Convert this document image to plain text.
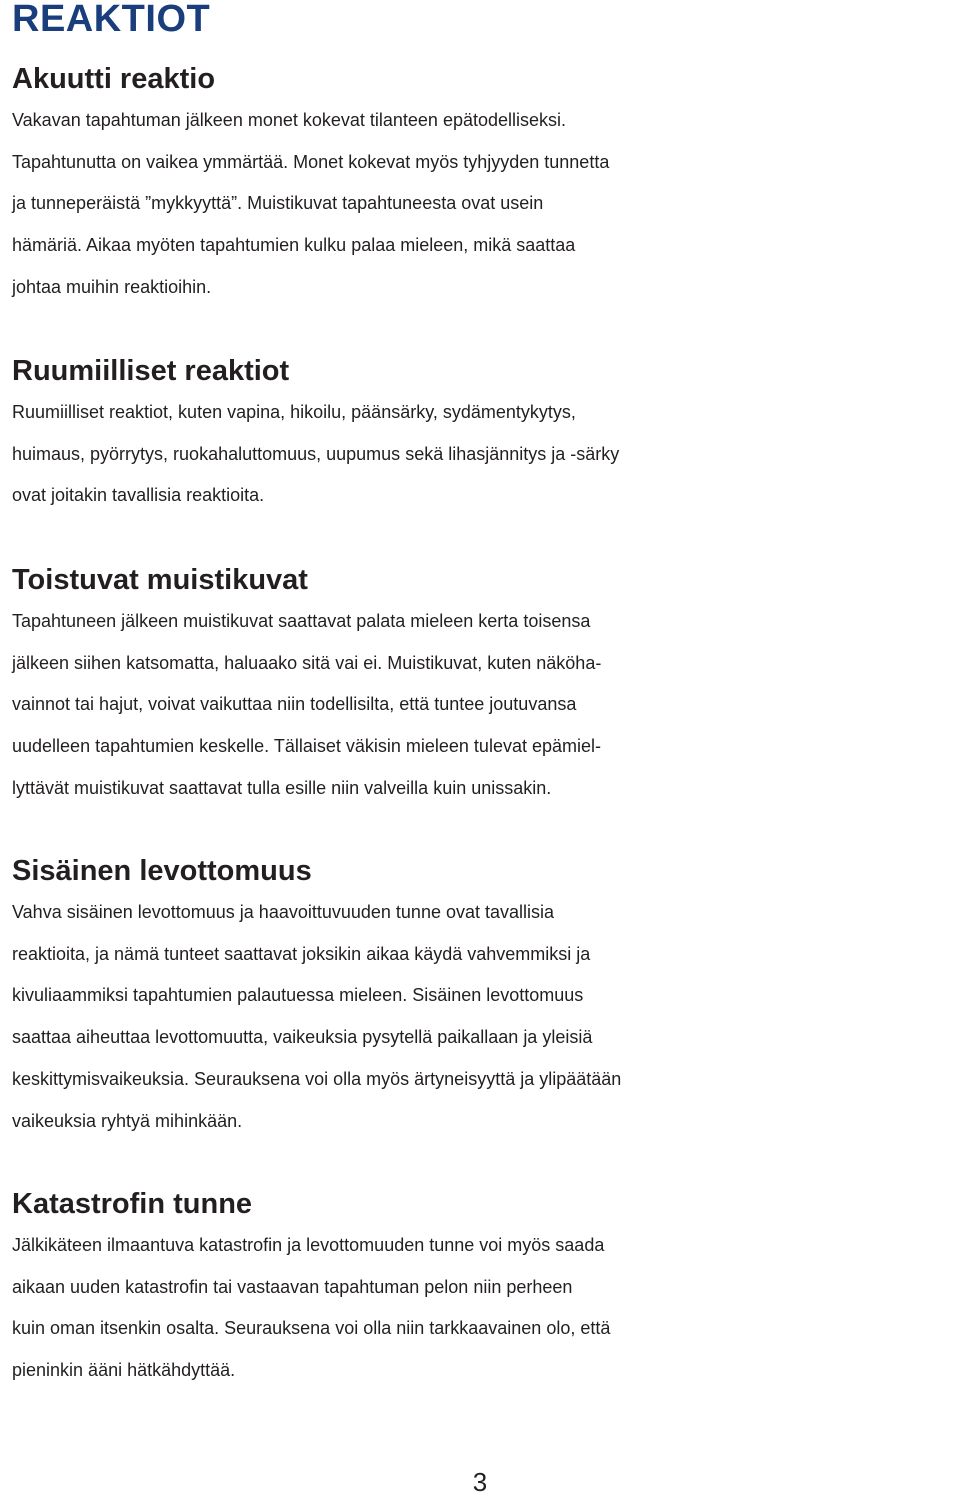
REAKTIOT
Akuutti reaktio

Vakavan tapahtuman jälkeen monet kokevat tilanteen epätodelliseksi.
Tapahtunutta on vaikea ymmärtää. Monet kokevat myös tyhjyyden tunnetta
ja tunneperäistä ”mykkyyttä”. Muistikuvat tapahtuneesta ovat usein
hämäriä. Aikaa myöten tapahtumien kulku palaa mieleen, mikä saattaa
johtaa muihin reaktioihin.

Ruumiilliset reaktiot

Ruumiilliset reaktiot, kuten vapina, hikoilu, päänsärky, sydämentykytys,
huimaus, pyörrytys, ruokahaluttomuus, uupumus sekä lihasjännitys ja -särky
ovat joitakin tavallisia reaktioita.

Toistuvat muistikuvat

Tapahtuneen jälkeen muistikuvat saattavat palata mieleen kerta toisensa
jälkeen siihen katsomatta, haluaako sitä vai ei. Muistikuvat, kuten näköha-
vainnot tai hajut, voivat vaikuttaa niin todellisilta, että tuntee joutuvansa
uudelleen tapahtumien keskelle. Tällaiset väkisin mieleen tulevat epämiel-
lyttävät muistikuvat saattavat tulla esille niin valveilla kuin unissakin.

Sisäinen levottomuus

Vahva sisäinen levottomuus ja haavoittuvuuden tunne ovat tavallisia
reaktioita, ja nämä tunteet saattavat joksikin aikaa käydä vahvemmiksi ja
kivuliaammiksi tapahtumien palautuessa mieleen. Sisäinen levottomuus
saattaa aiheuttaa levottomuutta, vaikeuksia pysytellä paikallaan ja yleisiä
keskittymisvaikeuksia. Seurauksena voi olla myös ärtyneisyyttä ja ylipäätään
vaikeuksia ryhtyä mihinkään.

Katastrofin tunne

Jälkikäteen ilmaantuva katastrofin ja levottomuuden tunne voi myös saada
aikaan uuden katastrofin tai vastaavan tapahtuman pelon niin perheen
kuin oman itsenkin osalta. Seurauksena voi olla niin tarkkaavainen olo, että
pieninkin ääni hätkähdyttää.

3
